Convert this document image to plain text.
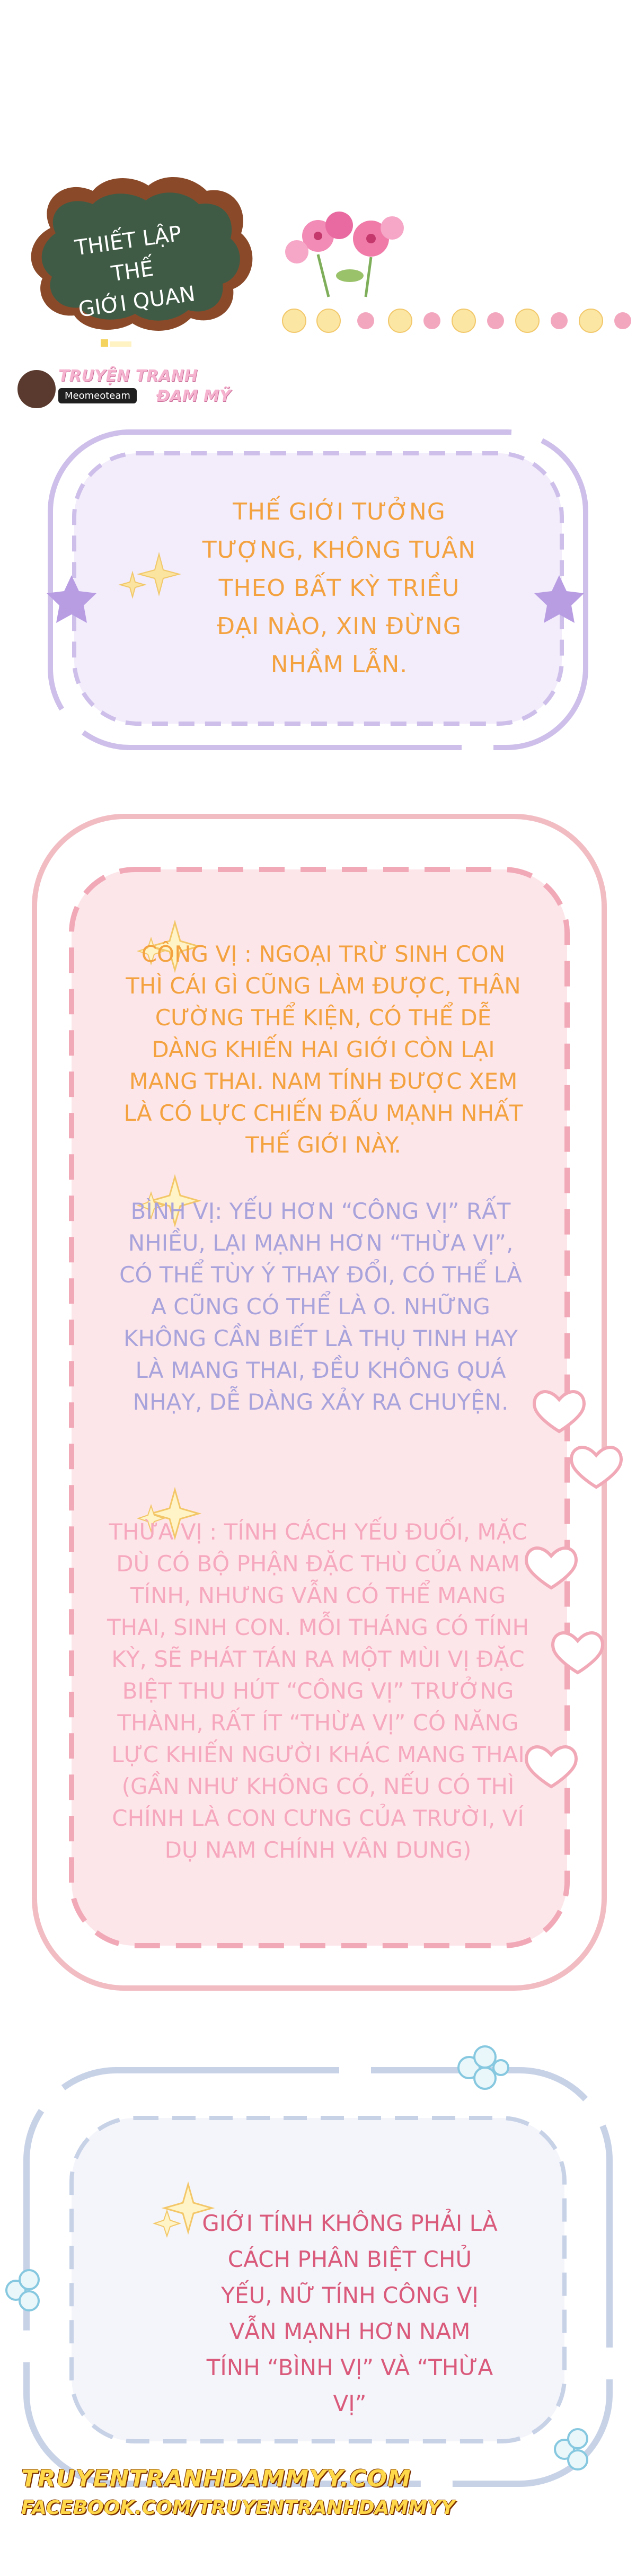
THIẾT LẬP THẾ
GIỚI QUAN
TRUYỆN TRANH
Meomeoteam	ĐAM MỸ
THẾ GIỚI TƯỞNG TƯỢNG, KHÔNG TUÂN THEO BẤT KỲ TRIỀU ĐẠI NÀO, XIN ĐỪNG NHẦM LẪN.
CÔNG VỊ : NGOẠI TRỪ SINH CON THÌ CÁI GÌ CŨNG LÀM ĐƯỢC, THÂN CƯỜNG THỂ KIỆN, CÓ THỂ DỄ DÀNG KHIẾN HAI GIỚI CÒN LẠI MANG THAI. NAM TÍNH ĐƯỢC XEM LÀ CÓ LỰC CHIẾN ĐẤU MẠNH NHẤT THẾ GIỚI NÀY.
BÌNH VỊ: YẾU HƠN “CÔNG VỊ” RẤT NHIỀU, LẠI MẠNH HƠN “THỪA VỊ”, CÓ THỂ TÙY Ý THAY ĐỔI, CÓ THỂ LÀ A CŨNG CÓ THỂ LÀ O. NHỮNG KHÔNG CẦN BIẾT LÀ THỤ TINH HAY LÀ MANG THAI, ĐỀU KHÔNG QUÁ NHẠY, DỄ DÀNG XẢY RA CHUYỆN.
THỪA VỊ : TÍNH CÁCH YẾU ĐUỐI, MẶC DÙ CÓ BỘ PHẬN ĐẶC THÙ CỦA NAM TÍNH, NHƯNG VẪN CÓ THỂ MANG THAI, SINH CON. MỖI THÁNG CÓ TÍNH KỲ, SẼ PHÁT TÁN RA MỘT MÙI VỊ ĐẶC BIỆT THU HÚT “CÔNG VỊ” TRƯỞNG THÀNH, RẤT ÍT “THỪA VỊ” CÓ NĂNG LỰC KHIẾN NGƯỜI KHÁC MANG THAI (GẦN NHƯ KHÔNG CÓ, NẾU CÓ THÌ CHÍNH LÀ CON CƯNG CỦA TRƯỜI, VÍ DỤ NAM CHÍNH VÂN DUNG)
GIỚI TÍNH KHÔNG PHẢI LÀ CÁCH PHÂN BIỆT CHỦ YẾU, NỮ TÍNH CÔNG VỊ VẪN MẠNH HƠN NAM TÍNH “BÌNH VỊ” VÀ “THỪA VỊ”
TRUYENTRANHDAMMYY.COM
FACEBOOK.COM/TRUYENTRANHDAMMYY
